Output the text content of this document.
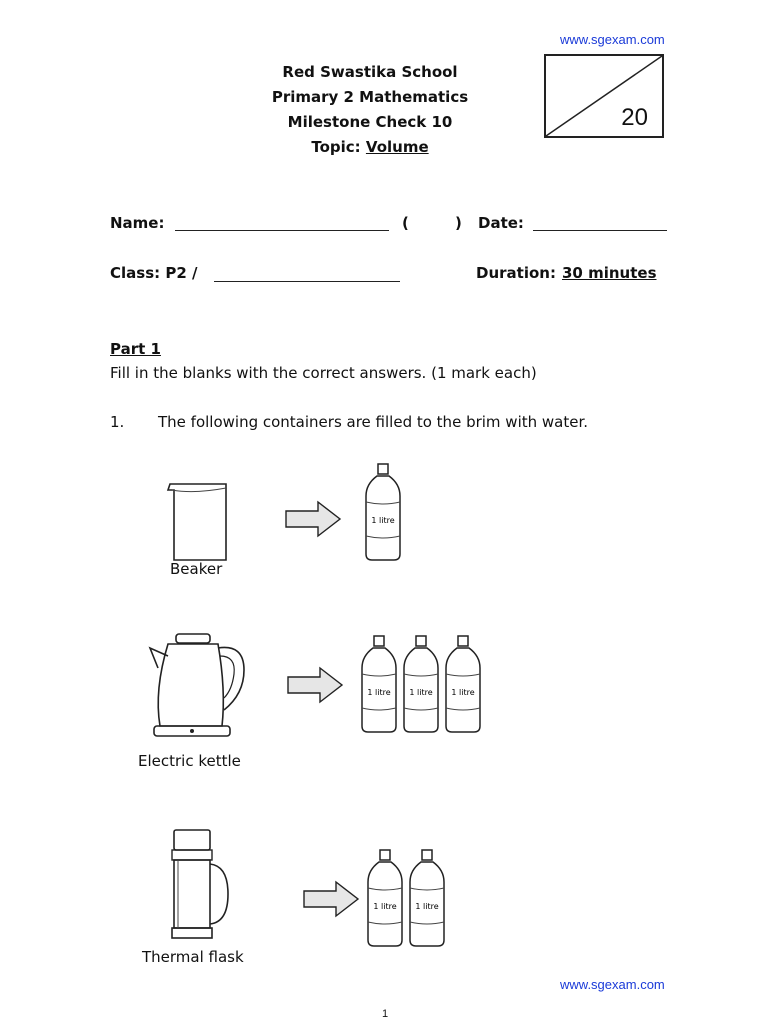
www.sgexam.com
Red Swastika School
Primary 2 Mathematics
Milestone Check 10
Topic: Volume
20
Name:	(	) Date:
Class: P2 /	Duration: 30 minutes
Part 1
Fill in the blanks with the correct answers. (1 mark each)
1. The following containers are filled to the brim with water.
Beaker
1 litre
Electric kettle
1 litre 1 litre 1 litre
Thermal flask
1 litre 1 litre
www.sgexam.com
1
